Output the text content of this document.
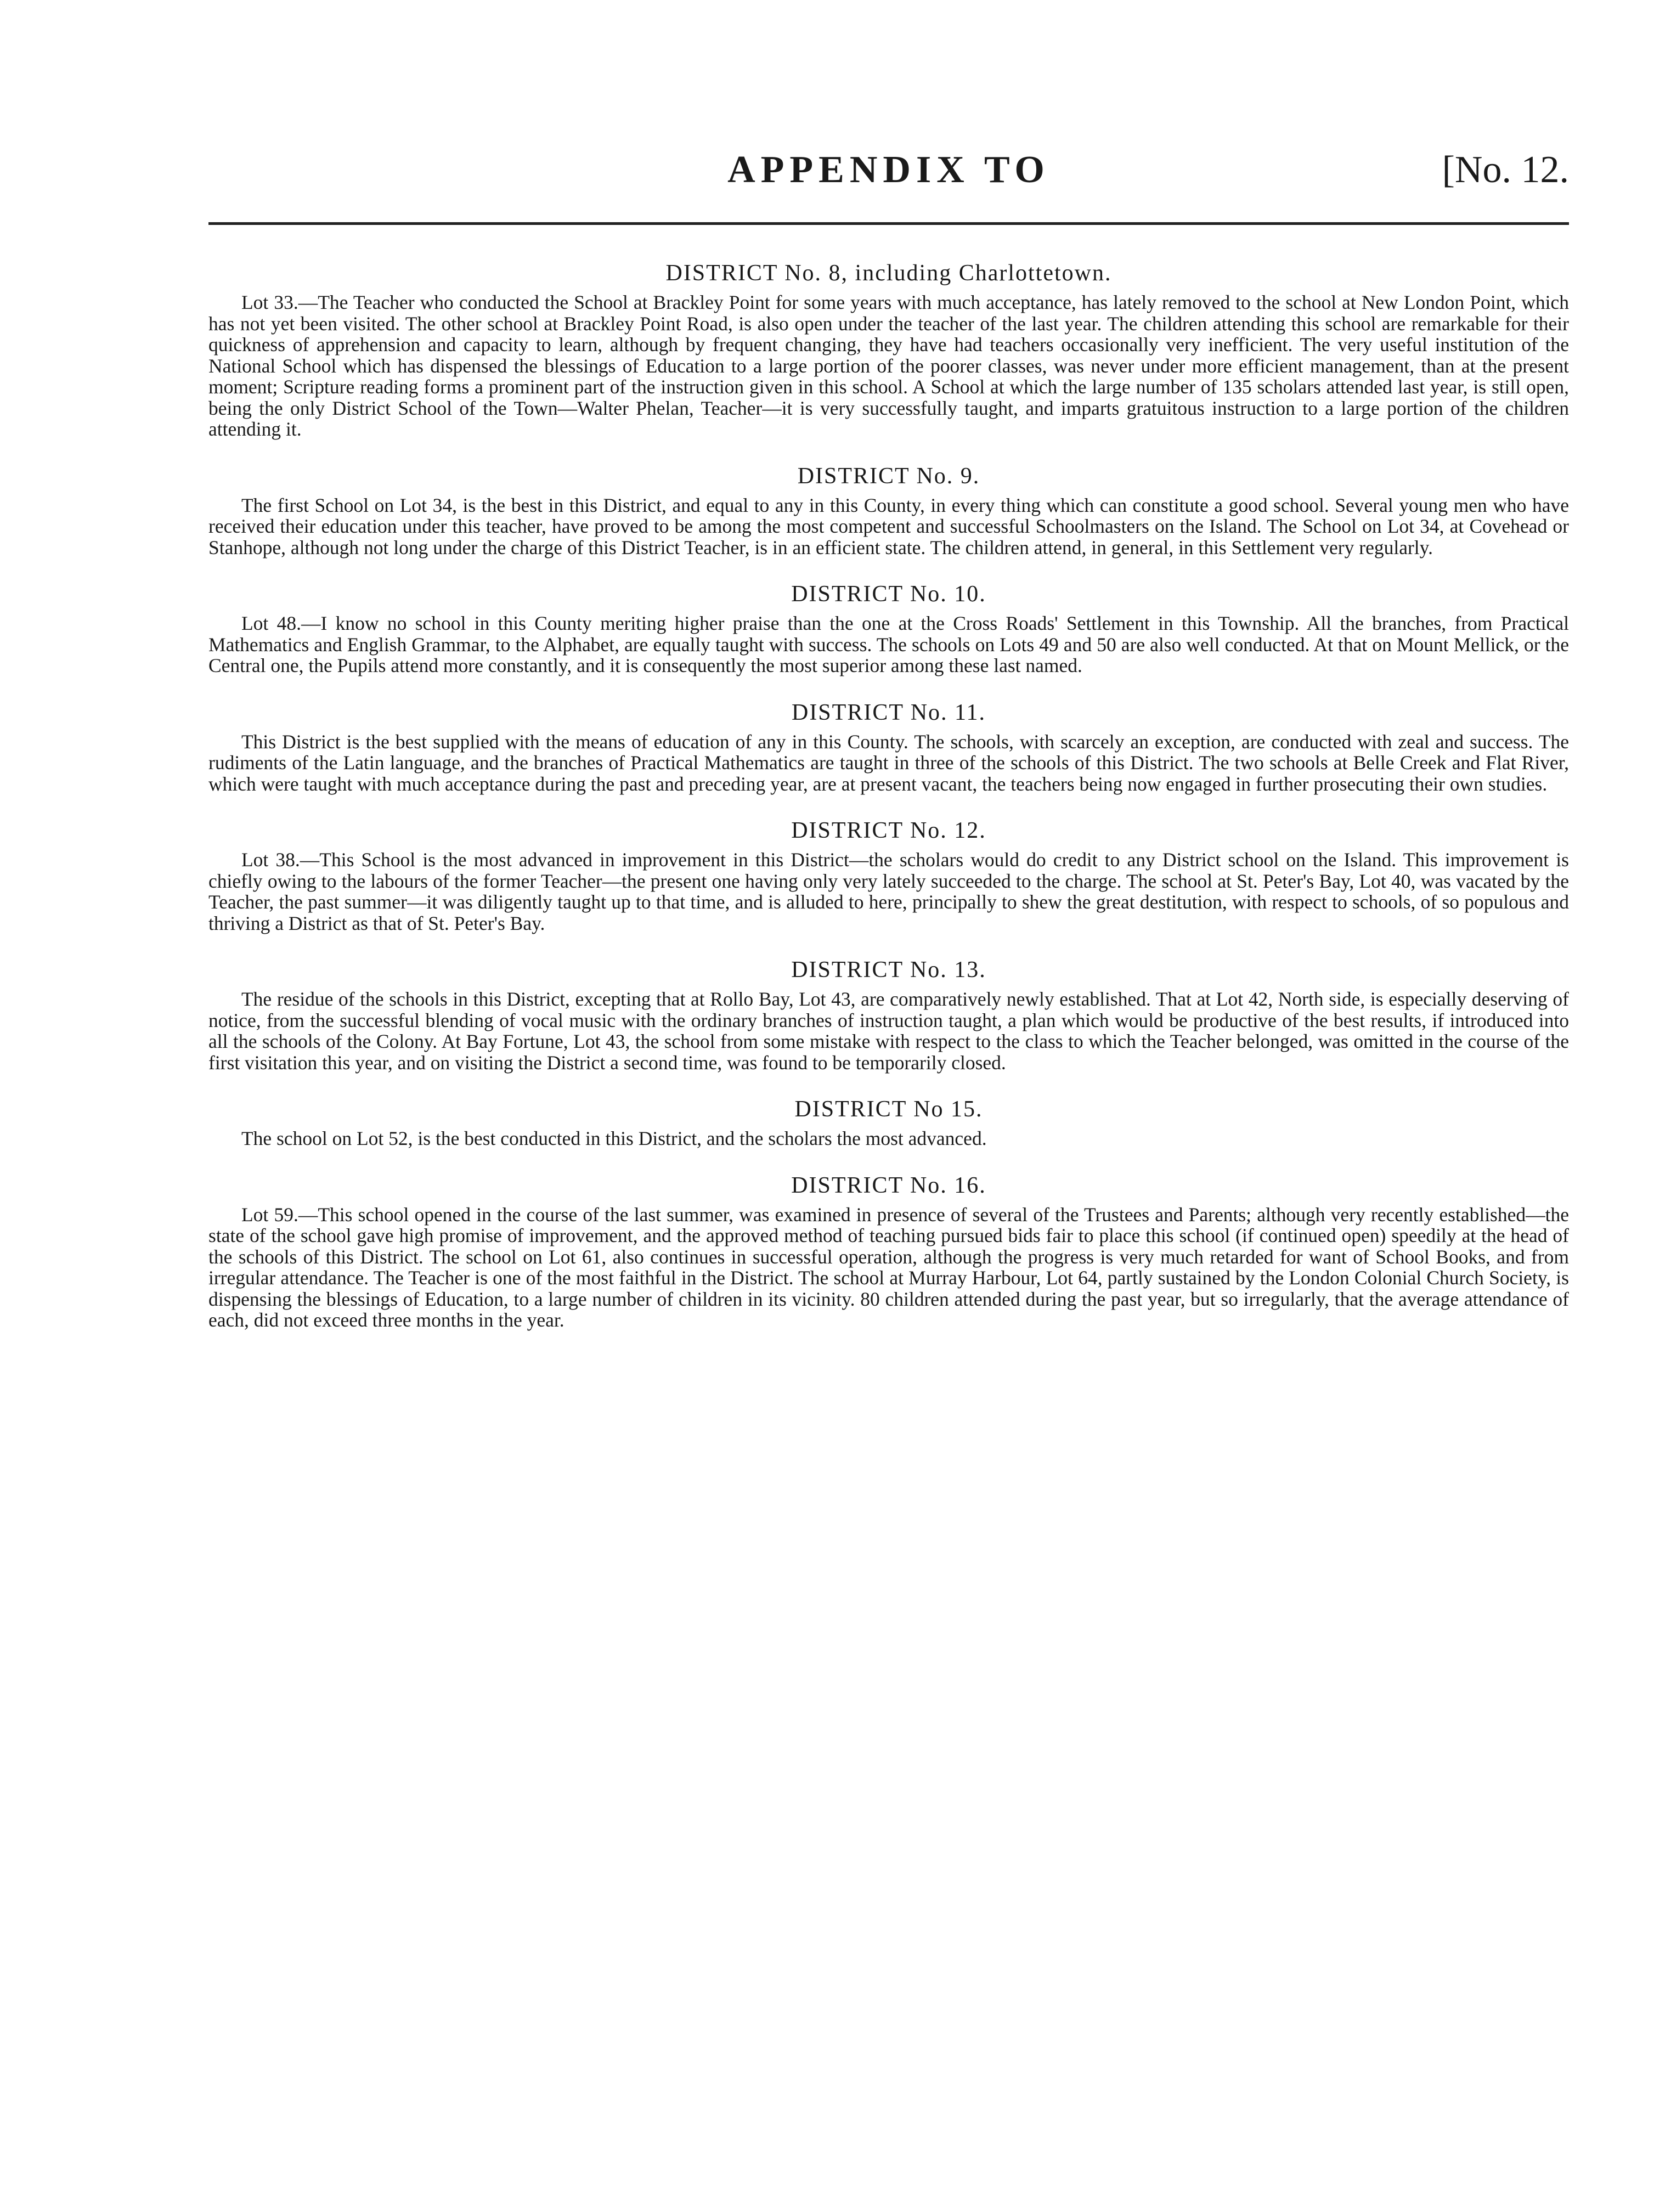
APPENDIX TO	[No. 12.
DISTRICT No. 8, including Charlottetown.

Lot 33.—The Teacher who conducted the School at Brackley Point for some years with much acceptance, has lately removed to the school at New London Point, which has not yet been visited. The other school at Brackley Point Road, is also open under the teacher of the last year. The children attending this school are remarkable for their quickness of apprehension and capacity to learn, although by frequent changing, they have had teachers occasionally very inefficient. The very useful institution of the National School which has dispensed the blessings of Education to a large portion of the poorer classes, was never under more efficient management, than at the present moment; Scripture reading forms a prominent part of the instruction given in this school. A School at which the large number of 135 scholars attended last year, is still open, being the only District School of the Town—Walter Phelan, Teacher—it is very successfully taught, and imparts gratuitous instruction to a large portion of the children attending it.

DISTRICT No. 9.

The first School on Lot 34, is the best in this District, and equal to any in this County, in every thing which can constitute a good school. Several young men who have received their education under this teacher, have proved to be among the most competent and successful Schoolmasters on the Island. The School on Lot 34, at Covehead or Stanhope, although not long under the charge of this District Teacher, is in an efficient state. The children attend, in general, in this Settlement very regularly.

DISTRICT No. 10.

Lot 48.—I know no school in this County meriting higher praise than the one at the Cross Roads' Settlement in this Township. All the branches, from Practical Mathematics and English Grammar, to the Alphabet, are equally taught with success. The schools on Lots 49 and 50 are also well conducted. At that on Mount Mellick, or the Central one, the Pupils attend more constantly, and it is consequently the most superior among these last named.

DISTRICT No. 11.

This District is the best supplied with the means of education of any in this County. The schools, with scarcely an exception, are conducted with zeal and success. The rudiments of the Latin language, and the branches of Practical Mathematics are taught in three of the schools of this District. The two schools at Belle Creek and Flat River, which were taught with much acceptance during the past and preceding year, are at present vacant, the teachers being now engaged in further prosecuting their own studies.

DISTRICT No. 12.

Lot 38.—This School is the most advanced in improvement in this District—the scholars would do credit to any District school on the Island. This improvement is chiefly owing to the labours of the former Teacher—the present one having only very lately succeeded to the charge. The school at St. Peter's Bay, Lot 40, was vacated by the Teacher, the past summer—it was diligently taught up to that time, and is alluded to here, principally to shew the great destitution, with respect to schools, of so populous and thriving a District as that of St. Peter's Bay.

DISTRICT No. 13.

The residue of the schools in this District, excepting that at Rollo Bay, Lot 43, are comparatively newly established. That at Lot 42, North side, is especially deserving of notice, from the successful blending of vocal music with the ordinary branches of instruction taught, a plan which would be productive of the best results, if introduced into all the schools of the Colony. At Bay Fortune, Lot 43, the school from some mistake with respect to the class to which the Teacher belonged, was omitted in the course of the first visitation this year, and on visiting the District a second time, was found to be temporarily closed.

DISTRICT No 15.

The school on Lot 52, is the best conducted in this District, and the scholars the most advanced.

DISTRICT No. 16.

Lot 59.—This school opened in the course of the last summer, was examined in presence of several of the Trustees and Parents; although very recently established—the state of the school gave high promise of improvement, and the approved method of teaching pursued bids fair to place this school (if continued open) speedily at the head of the schools of this District. The school on Lot 61, also continues in successful operation, although the progress is very much retarded for want of School Books, and from irregular attendance. The Teacher is one of the most faithful in the District. The school at Murray Harbour, Lot 64, partly sustained by the London Colonial Church Society, is dispensing the blessings of Education, to a large number of children in its vicinity. 80 children attended during the past year, but so irregularly, that the average attendance of each, did not exceed three months in the year.
